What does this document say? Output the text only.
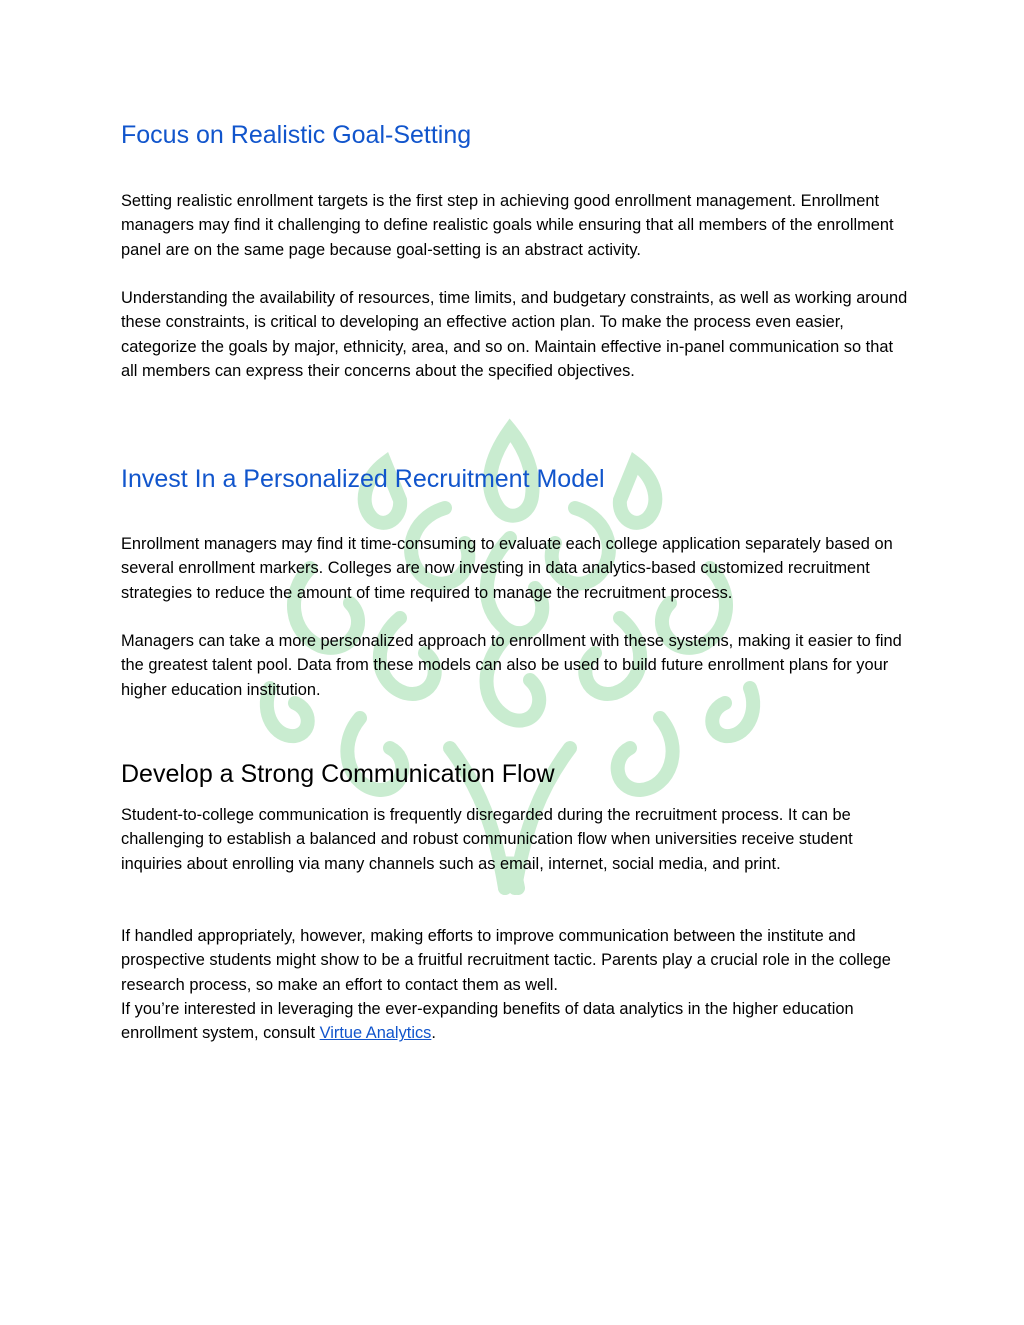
Focus on Realistic Goal-Setting

Setting realistic enrollment targets is the first step in achieving good enrollment management. Enrollment managers may find it challenging to define realistic goals while ensuring that all members of the enrollment panel are on the same page because goal-setting is an abstract activity.

Understanding the availability of resources, time limits, and budgetary constraints, as well as working around these constraints, is critical to developing an effective action plan. To make the process even easier, categorize the goals by major, ethnicity, area, and so on. Maintain effective in-panel communication so that all members can express their concerns about the specified objectives.

Invest In a Personalized Recruitment Model

Enrollment managers may find it time-consuming to evaluate each college application separately based on several enrollment markers. Colleges are now investing in data analytics-based customized recruitment strategies to reduce the amount of time required to manage the recruitment process.

Managers can take a more personalized approach to enrollment with these systems, making it easier to find the greatest talent pool. Data from these models can also be used to build future enrollment plans for your higher education institution.

Develop a Strong Communication Flow

Student-to-college communication is frequently disregarded during the recruitment process. It can be challenging to establish a balanced and robust communication flow when universities receive student inquiries about enrolling via many channels such as email, internet, social media, and print.

If handled appropriately, however, making efforts to improve communication between the institute and prospective students might show to be a fruitful recruitment tactic. Parents play a crucial role in the college research process, so make an effort to contact them as well.

If you’re interested in leveraging the ever-expanding benefits of data analytics in the higher education enrollment system, consult Virtue Analytics.
